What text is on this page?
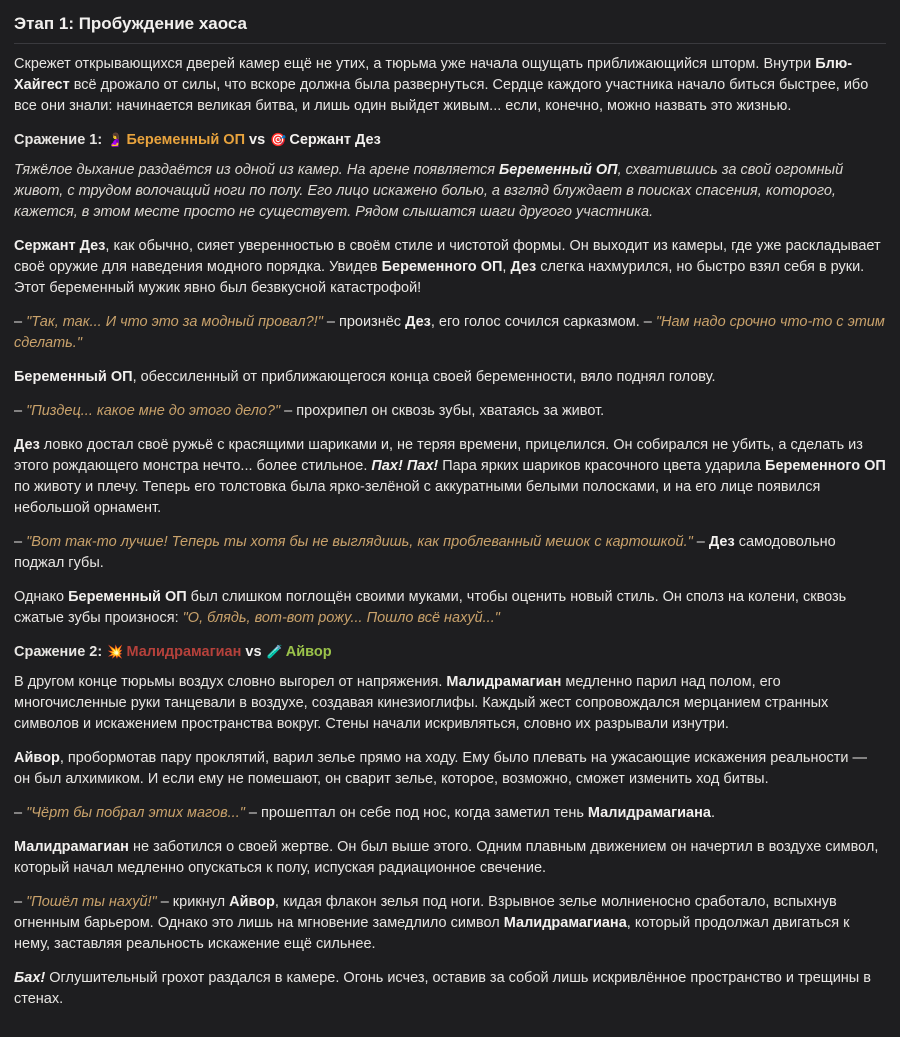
Этап 1: Пробуждение хаоса

Скрежет открывающихся дверей камер ещё не утих, а тюрьма уже начала ощущать приближающийся шторм. Внутри Блю-Хайгест всё дрожало от силы, что вскоре должна была развернуться. Сердце каждого участника начало биться быстрее, ибо все они знали: начинается великая битва, и лишь один выйдет живым... если, конечно, можно назвать это жизнью.

Сражение 1: 🤰 Беременный ОП vs 🎯 Сержант Дез

Тяжёлое дыхание раздаётся из одной из камер. На арене появляется Беременный ОП, схватившись за свой огромный живот, с трудом волочащий ноги по полу. Его лицо искажено болью, а взгляд блуждает в поисках спасения, которого, кажется, в этом месте просто не существует. Рядом слышатся шаги другого участника.

Сержант Дез, как обычно, сияет уверенностью в своём стиле и чистотой формы. Он выходит из камеры, где уже раскладывает своё оружие для наведения модного порядка. Увидев Беременного ОП, Дез слегка нахмурился, но быстро взял себя в руки. Этот беременный мужик явно был безвкусной катастрофой!

– "Так, так... И что это за модный провал?!" – произнёс Дез, его голос сочился сарказмом. – "Нам надо срочно что-то с этим сделать."

Беременный ОП, обессиленный от приближающегося конца своей беременности, вяло поднял голову.

– "Пиздец... какое мне до этого дело?" – прохрипел он сквозь зубы, хватаясь за живот.

Дез ловко достал своё ружьё с красящими шариками и, не теряя времени, прицелился. Он собирался не убить, а сделать из этого рождающего монстра нечто... более стильное. Пах! Пах! Пара ярких шариков красочного цвета ударила Беременного ОП по животу и плечу. Теперь его толстовка была ярко-зелёной с аккуратными белыми полосками, и на его лице появился небольшой орнамент.

– "Вот так-то лучше! Теперь ты хотя бы не выглядишь, как проблеванный мешок с картошкой." – Дез самодовольно поджал губы.

Однако Беременный ОП был слишком поглощён своими муками, чтобы оценить новый стиль. Он сполз на колени, сквозь сжатые зубы произнося: "О, блядь, вот-вот рожу... Пошло всё нахуй..."

Сражение 2: 💥 Малидрамагиан vs 🧪 Айвор

В другом конце тюрьмы воздух словно выгорел от напряжения. Малидрамагиан медленно парил над полом, его многочисленные руки танцевали в воздухе, создавая кинезиоглифы. Каждый жест сопровождался мерцанием странных символов и искажением пространства вокруг. Стены начали искривляться, словно их разрывали изнутри.

Айвор, пробормотав пару проклятий, варил зелье прямо на ходу. Ему было плевать на ужасающие искажения реальности — он был алхимиком. И если ему не помешают, он сварит зелье, которое, возможно, сможет изменить ход битвы.

– "Чёрт бы побрал этих магов..." – прошептал он себе под нос, когда заметил тень Малидрамагиана.

Малидрамагиан не заботился о своей жертве. Он был выше этого. Одним плавным движением он начертил в воздухе символ, который начал медленно опускаться к полу, испуская радиационное свечение.

– "Пошёл ты нахуй!" – крикнул Айвор, кидая флакон зелья под ноги. Взрывное зелье молниеносно сработало, вспыхнув огненным барьером. Однако это лишь на мгновение замедлило символ Малидрамагиана, который продолжал двигаться к нему, заставляя реальность искажение ещё сильнее.

Бах! Оглушительный грохот раздался в камере. Огонь исчез, оставив за собой лишь искривлённое пространство и трещины в стенах.
